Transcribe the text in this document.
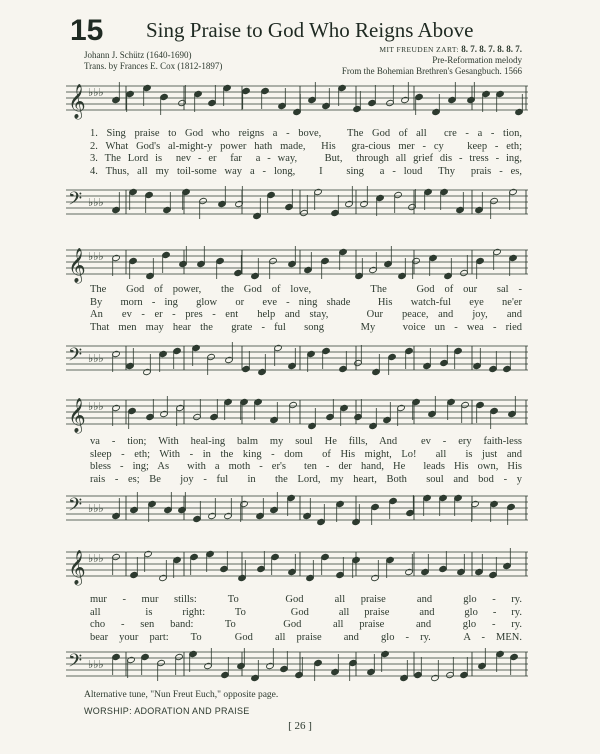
15 Sing Praise to God Who Reigns Above
Johann J. Schütz (1640-1690)
Trans. by Frances E. Cox (1812-1897)
MIT FREUDEN ZART: 8. 7. 8. 7. 8. 8. 7.
Pre-Reformation melody
From the Bohemian Brethren's Gesangbuch. 1566
𝄞 ♭♭♭
1. Sing praise to God who reigns a - bove,   The God of all  cre - a - tion,
2. What God's al-might-y power hath made,  His  gra-cious mer - cy   keep - eth;
3. The Lord is  nev - er  far  a - way,    But,  through all grief dis - tress - ing,
4. Thus, all my toil-some way a - long,   I   sing  a - loud  Thy  prais - es,
𝄢 ♭♭♭
𝄞 ♭♭♭
The  God of power,  the God of love,      The   God of our  sal -
By  morn - ing  glow  or  eve - ning shade   His  watch-ful  eye  ne'er
An  ev - er - pres - ent  help and stay,    Our  peace, and  joy,  and
That men may hear the  grate - ful  song    My   voice un - wea - ried
𝄢 ♭♭♭
𝄞 ♭♭♭
va - tion; With heal-ing balm my soul He fills, And  ev - ery faith-less
sleep - eth; With - in the king - dom  of His might, Lo!  all  is just and
bless - ing; As  with a moth - er's  ten - der hand, He  leads His own, His
rais - es; Be  joy - ful  in  the Lord, my heart, Both  soul and bod - y
𝄢 ♭♭♭
𝄞 ♭♭♭
mur - mur stills:  To   God  all praise  and  glo - ry.
all   is  right:  To   God  all praise  and  glo - ry.
cho - sen band:  To   God  all praise  and  glo - ry.
bear your part:  To   God  all praise  and  glo - ry.   A - MEN.
𝄢 ♭♭♭
Alternative tune, "Nun Freut Euch," opposite page.
WORSHIP: ADORATION AND PRAISE
[ 26 ]
